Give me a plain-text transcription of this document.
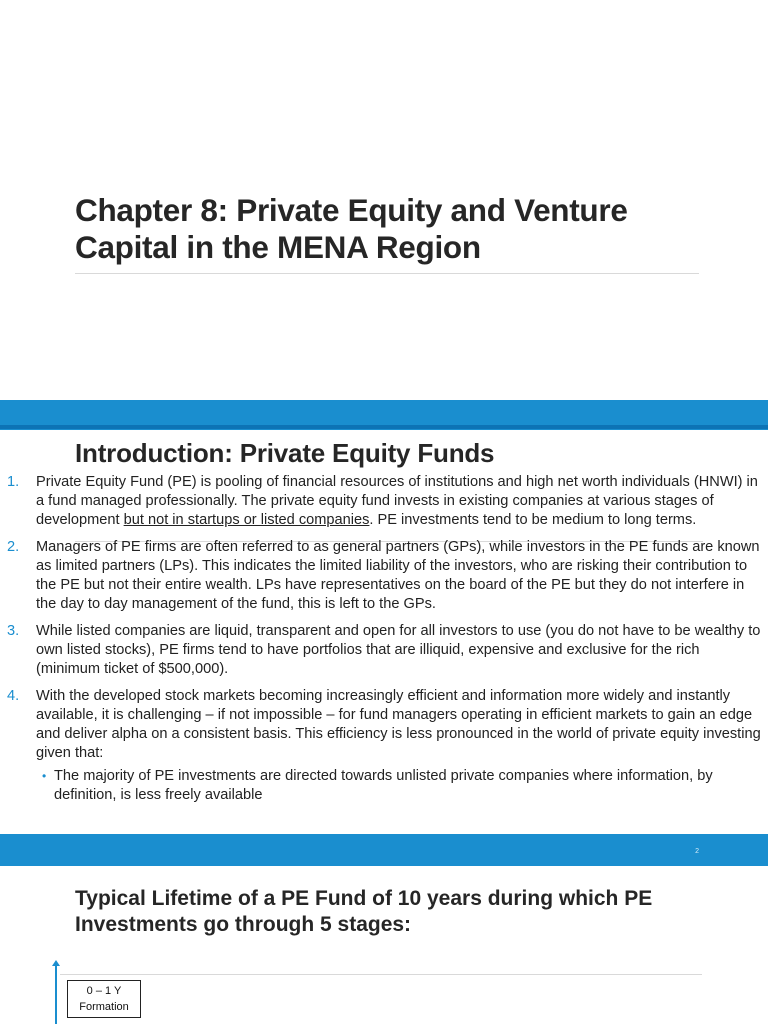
Chapter 8: Private Equity and Venture Capital in the MENA Region
Introduction: Private Equity Funds
1. Private Equity Fund (PE) is pooling of financial resources of institutions and high net worth individuals (HNWI) in a fund managed professionally. The private equity fund invests in existing companies at various stages of development but not in startups or listed companies. PE investments tend to be medium to long terms.
2. Managers of PE firms are often referred to as general partners (GPs), while investors in the PE funds are known as limited partners (LPs). This indicates the limited liability of the investors, who are risking their contribution to the PE but not their entire wealth. LPs have representatives on the board of the PE but they do not interfere in the day to day management of the fund, this is left to the GPs.
3. While listed companies are liquid, transparent and open for all investors to use (you do not have to be wealthy to own listed stocks), PE firms tend to have portfolios that are illiquid, expensive and exclusive for the rich (minimum ticket of $500,000).
4. With the developed stock markets becoming increasingly efficient and information more widely and instantly available, it is challenging – if not impossible – for fund managers operating in efficient markets to gain an edge and deliver alpha on a consistent basis. This efficiency is less pronounced in the world of private equity investing given that:
• The majority of PE investments are directed towards unlisted private companies where information, by definition, is less freely available
2
Typical Lifetime of a PE Fund of 10 years during which PE Investments go through 5 stages:
0 – 1 Y
Formation
